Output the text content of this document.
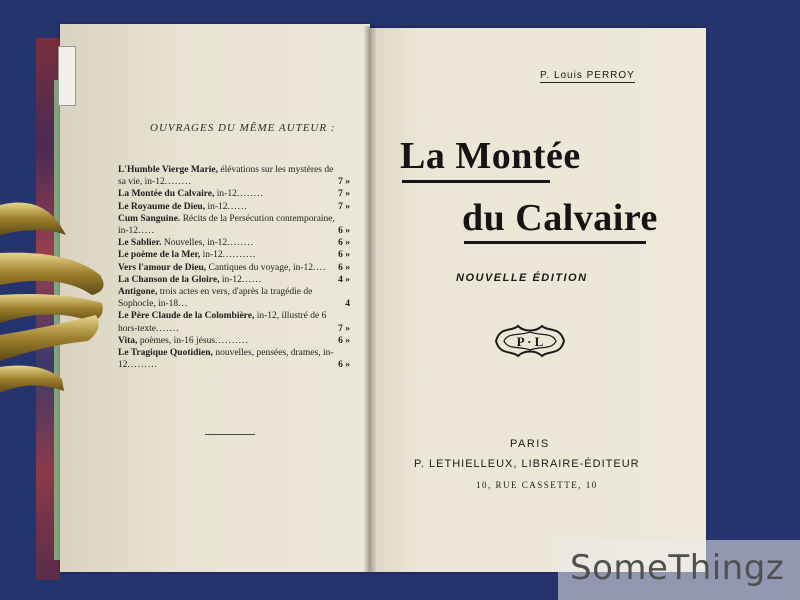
OUVRAGES DU MÊME AUTEUR :
L'Humble Vierge Marie, élévations sur les mystères de sa vie, in-12........	7 »
La Montée du Calvaire, in-12........	7 »
Le Royaume de Dieu, in-12......	7 »
Cum Sanguine. Récits de la Persécution contemporaine, in-12.....	6 »
Le Sablier. Nouvelles, in-12........	6 »
Le poème de la Mer, in-12..........	6 »
Vers l'amour de Dieu, Cantiques du voyage, in-12.... 6 »
La Chanson de la Gloire, in-12......	4 »
Antigone, trois actes en vers, d'après la tragédie de Sophocle, in-18...	4
Le Père Claude de la Colombière, in-12, illustré de 6 hors-texte.......	7 »
Vita, poèmes, in-16 jésus..........	6 »
Le Tragique Quotidien, nouvelles, pensées, drames, in-12.........	6 »
P. Louis PERROY
La Montée
du Calvaire
NOUVELLE ÉDITION
P · L
PARIS
P. LETHIELLEUX, LIBRAIRE-ÉDITEUR
10, RUE CASSETTE, 10
SomeThingz
